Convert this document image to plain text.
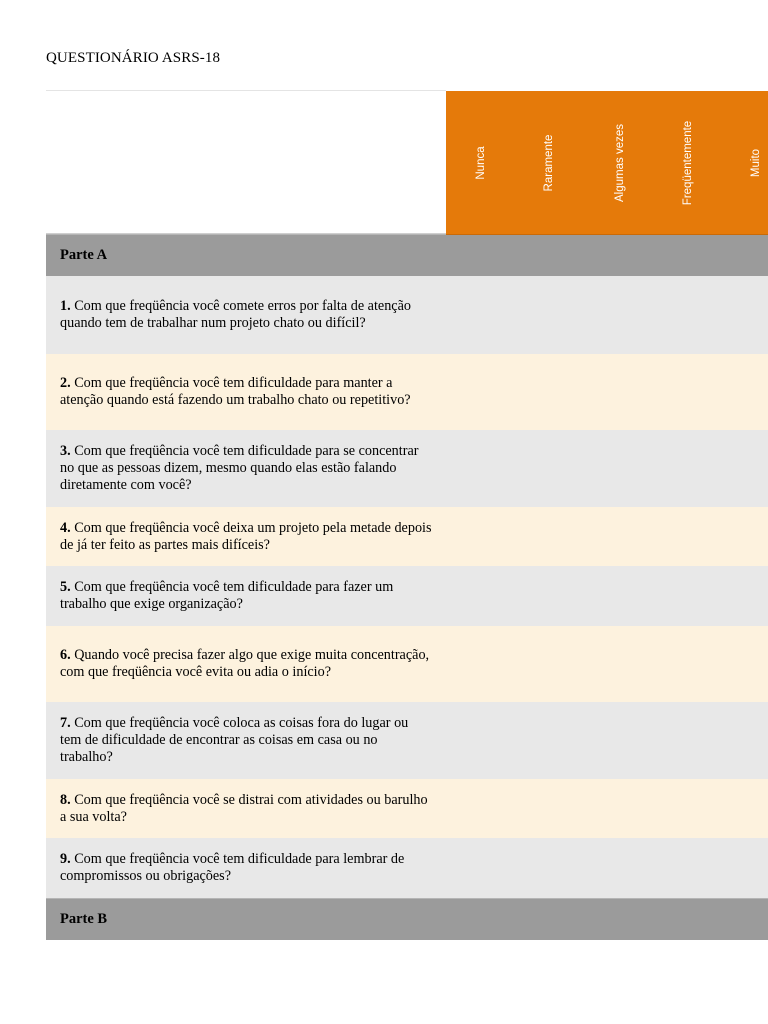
QUESTIONÁRIO ASRS-18
Nunca	Raramente	Algumas vezes	Freqüentemente	Muito
Parte A
1. Com que freqüência você comete erros por falta de atenção quando tem de trabalhar num projeto chato ou difícil?
2. Com que freqüência você tem dificuldade para manter a atenção quando está fazendo um trabalho chato ou repetitivo?
3. Com que freqüência você tem dificuldade para se concentrar no que as pessoas dizem, mesmo quando elas estão falando diretamente com você?
4. Com que freqüência você deixa um projeto pela metade depois de já ter feito as partes mais difíceis?
5. Com que freqüência você tem dificuldade para fazer um trabalho que exige organização?
6. Quando você precisa fazer algo que exige muita concentração, com que freqüência você evita ou adia o início?
7. Com que freqüência você coloca as coisas fora do lugar ou tem de dificuldade de encontrar as coisas em casa ou no trabalho?
8. Com que freqüência você se distrai com atividades ou barulho a sua volta?
9. Com que freqüência você tem dificuldade para lembrar de compromissos ou obrigações?
Parte B
